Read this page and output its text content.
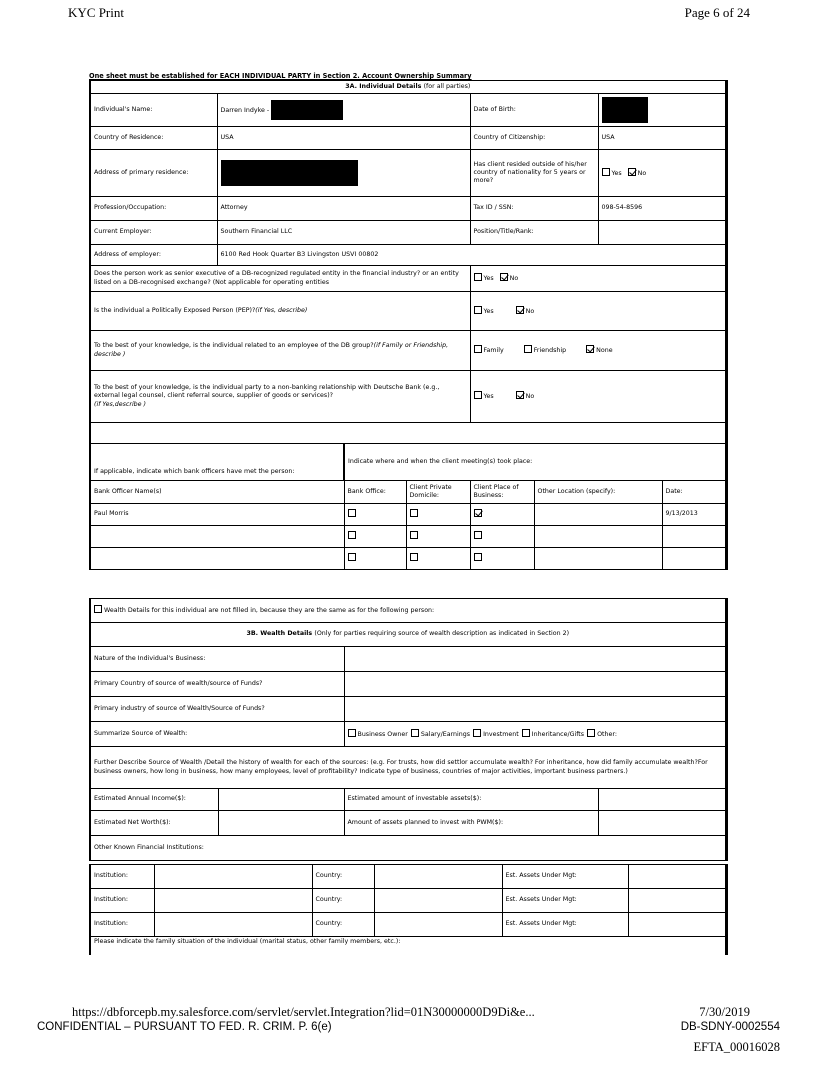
KYC Print	Page 6 of 24
One sheet must be established for EACH INDIVIDUAL PARTY in Section 2. Account Ownership Summary
3A. Individual Details (for all parties)							
Individual's Name:	Darren Indyke -			Date of Birth:			
Country of Residence:	USA			Country of Citizenship:		USA	
Address of primary residence:				Has client resided outside of his/her country of nationality for 5 years or more?		Yes No	
Profession/Occupation:	Attorney			Tax ID / SSN:		098-54-8596	
Current Employer:	Southern Financial LLC			Position/Title/Rank:			
Address of employer:	6100 Red Hook Quarter B3 Livingston USVI 00802						
Does the person work as senior executive of a DB-recognized regulated entity in the financial industry? or an entity listed on a DB-recognised exchange? (Not applicable for operating entities				Yes No			
Is the individual a Politically Exposed Person (PEP)?(if Yes, describe)				Yes No			
To the best of your knowledge, is the individual related to an employee of the DB group?(if Family or Friendship, describe )				Family Friendship None			
To the best of your knowledge, is the individual party to a non-banking relationship with Deutsche Bank (e.g., external legal counsel, client referral source, supplier of goods or services)?
(if Yes,describe )				Yes No			

If applicable, indicate which bank officers have met the person:		Indicate where and when the client meeting(s) took place:					
Bank Officer Name(s)		Bank Office:	Client Private Domicile:	Client Place of Business:	Other Location (specify):		Date:
Paul Morris							9/13/2013

Wealth Details for this individual are not filled in, because they are the same as for the following person:			
3B. Wealth Details (Only for parties requiring source of wealth description as indicated in Section 2)			
Nature of the Individual's Business:			
Primary Country of source of wealth/source of Funds?			
Primary industry of source of Wealth/Source of Funds?			
Summarize Source of Wealth:		Business Owner Salary/Earnings Investment Inheritance/Gifts Other:	
Further Describe Source of Wealth /Detail the history of wealth for each of the sources: (e.g. For trusts, how did settlor accumulate wealth? For inheritance, how did family accumulate wealth?For business owners, how long in business, how many employees, level of profitability? Indicate type of business, countries of major activities, important business partners.)			
Estimated Annual Income($):		Estimated amount of investable assets($):	
Estimated Net Worth($):		Amount of assets planned to invest with PWM($):	
Other Known Financial Institutions:			
Institution:		Country:		Est. Assets Under Mgt:	
Institution:		Country:		Est. Assets Under Mgt:	
Institution:		Country:		Est. Assets Under Mgt:	
Please indicate the family situation of the individual (marital status, other family members, etc.):					
https://dbforcepb.my.salesforce.com/servlet/servlet.Integration?lid=01N30000000D9Di&e...	7/30/2019
CONFIDENTIAL – PURSUANT TO FED. R. CRIM. P. 6(e)	DB-SDNY-0002554
EFTA_00016028
